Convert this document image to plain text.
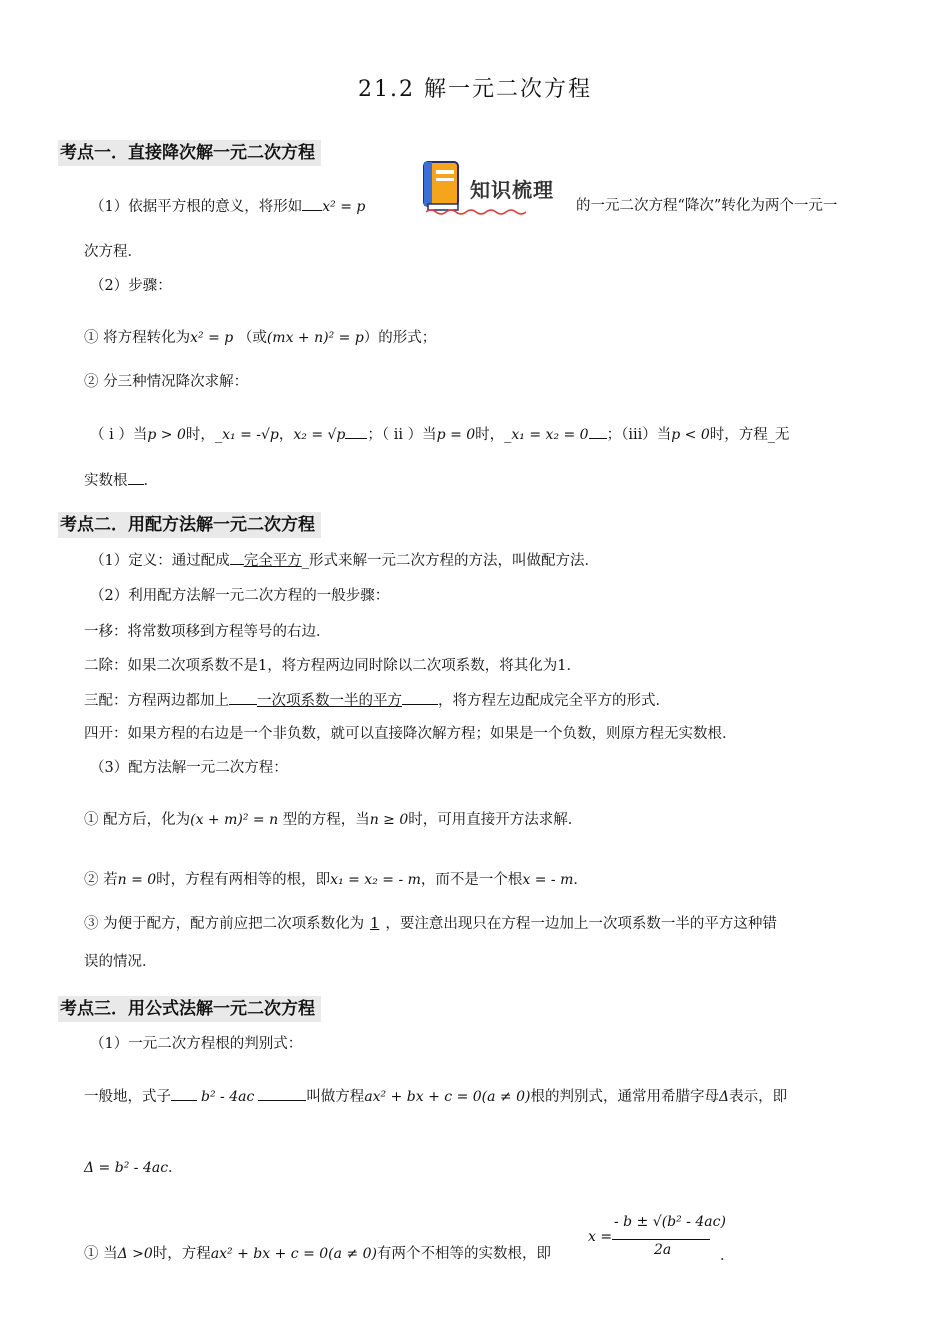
21.2 解一元二次方程
考点一．直接降次解一元二次方程
（1）依据平方根的意义，将形如 x² = p
知识梳理
的一元二次方程“降次”转化为两个一元一
次方程．
（2）步骤：
① 将方程转化为x² = p （或(mx + n)² = p）的形式；
② 分三种情况降次求解：
（ i ）当p > 0时，_x₁ = -√p，x₂ = √p ；（ ii ）当p = 0时，_x₁ = x₂ = 0 ；（iii）当p < 0时，方程_无
实数根 ．
考点二．用配方法解一元二次方程
（1）定义：通过配成 完全平方_形式来解一元二次方程的方法，叫做配方法．
（2）利用配方法解一元二次方程的一般步骤：
一移：将常数项移到方程等号的右边．
二除：如果二次项系数不是1，将方程两边同时除以二次项系数，将其化为1．
三配：方程两边都加上 一次项系数一半的平方 ，将方程左边配成完全平方的形式．
四开：如果方程的右边是一个非负数，就可以直接降次解方程；如果是一个负数，则原方程无实数根．
（3）配方法解一元二次方程：
① 配方后，化为(x + m)² = n 型的方程，当n ≥ 0时，可用直接开方法求解．
② 若n = 0时，方程有两相等的根，即x₁ = x₂ = - m，而不是一个根x = - m．
③ 为便于配方，配方前应把二次项系数化为 1 ，要注意出现只在方程一边加上一次项系数一半的平方这种错
误的情况．
考点三．用公式法解一元二次方程
（1）一元二次方程根的判别式：
一般地，式子 b² - 4ac	叫做方程ax² + bx + c = 0(a ≠ 0)根的判别式，通常用希腊字母Δ表示，即
Δ = b² - 4ac．
① 当Δ >0时，方程ax² + bx + c = 0(a ≠ 0)有两个不相等的实数根，即
x =
- b ± √(b² - 4ac)
2a	．
